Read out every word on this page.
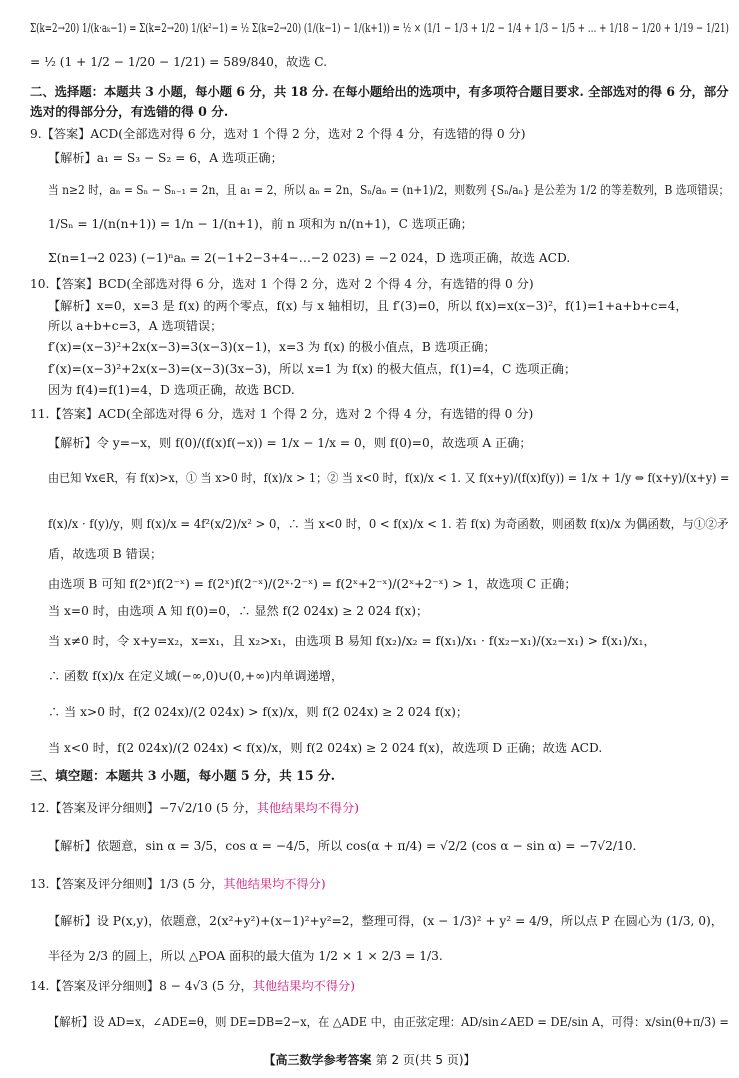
Σ(k=2→20) 1/(k·aₖ−1) = Σ(k=2→20) 1/(k²−1) = ½ Σ(k=2→20) (1/(k−1) − 1/(k+1)) = ½ × (1/1 − 1/3 + 1/2 − 1/4 + 1/3 − 1/5 + … + 1/18 − 1/20 + 1/19 − 1/21)
= ½ (1 + 1/2 − 1/20 − 1/21) = 589/840，故选 C.
二、选择题：本题共 3 小题，每小题 6 分，共 18 分. 在每小题给出的选项中，有多项符合题目要求. 全部选对的得 6 分，部分
选对的得部分分，有选错的得 0 分.
9.【答案】ACD(全部选对得 6 分，选对 1 个得 2 分，选对 2 个得 4 分，有选错的得 0 分)
【解析】a₁ = S₃ − S₂ = 6，A 选项正确；
当 n≥2 时，aₙ = Sₙ − Sₙ₋₁ = 2n，且 a₁ = 2，所以 aₙ = 2n，Sₙ/aₙ = (n+1)/2，则数列 {Sₙ/aₙ} 是公差为 1/2 的等差数列，B 选项错误；
1/Sₙ = 1/(n(n+1)) = 1/n − 1/(n+1)，前 n 项和为 n/(n+1)，C 选项正确；
Σ(n=1→2 023) (−1)ⁿaₙ = 2(−1+2−3+4−…−2 023) = −2 024，D 选项正确，故选 ACD.
10.【答案】BCD(全部选对得 6 分，选对 1 个得 2 分，选对 2 个得 4 分，有选错的得 0 分)
【解析】x=0，x=3 是 f(x) 的两个零点，f(x) 与 x 轴相切，且 f′(3)=0，所以 f(x)=x(x−3)²，f(1)=1+a+b+c=4，
所以 a+b+c=3，A 选项错误；
f′(x)=(x−3)²+2x(x−3)=3(x−3)(x−1)，x=3 为 f(x) 的极小值点，B 选项正确；
f′(x)=(x−3)²+2x(x−3)=(x−3)(3x−3)，所以 x=1 为 f(x) 的极大值点，f(1)=4，C 选项正确；
因为 f(4)=f(1)=4，D 选项正确，故选 BCD.
11.【答案】ACD(全部选对得 6 分，选对 1 个得 2 分，选对 2 个得 4 分，有选错的得 0 分)
【解析】令 y=−x，则 f(0)/(f(x)f(−x)) = 1/x − 1/x = 0，则 f(0)=0，故选项 A 正确；
由已知 ∀x∈R，有 f(x)>x，① 当 x>0 时，f(x)/x > 1；② 当 x<0 时，f(x)/x < 1. 又 f(x+y)/(f(x)f(y)) = 1/x + 1/y ⇔ f(x+y)/(x+y) =
f(x)/x · f(y)/y，则 f(x)/x = 4f²(x/2)/x² > 0，∴ 当 x<0 时，0 < f(x)/x < 1. 若 f(x) 为奇函数，则函数 f(x)/x 为偶函数，与①②矛
盾，故选项 B 错误；
由选项 B 可知 f(2ˣ)f(2⁻ˣ) = f(2ˣ)f(2⁻ˣ)/(2ˣ·2⁻ˣ) = f(2ˣ+2⁻ˣ)/(2ˣ+2⁻ˣ) > 1，故选项 C 正确；
当 x=0 时，由选项 A 知 f(0)=0，∴ 显然 f(2 024x) ≥ 2 024 f(x)；
当 x≠0 时，令 x+y=x₂，x=x₁，且 x₂>x₁，由选项 B 易知 f(x₂)/x₂ = f(x₁)/x₁ · f(x₂−x₁)/(x₂−x₁) > f(x₁)/x₁，
∴ 函数 f(x)/x 在定义域(−∞,0)∪(0,+∞)内单调递增，
∴ 当 x>0 时，f(2 024x)/(2 024x) > f(x)/x，则 f(2 024x) ≥ 2 024 f(x)；
当 x<0 时，f(2 024x)/(2 024x) < f(x)/x，则 f(2 024x) ≥ 2 024 f(x)，故选项 D 正确；故选 ACD.
三、填空题：本题共 3 小题，每小题 5 分，共 15 分.
12.【答案及评分细则】−7√2/10 (5 分，其他结果均不得分)
【解析】依题意，sin α = 3/5，cos α = −4/5，所以 cos(α + π/4) = √2/2 (cos α − sin α) = −7√2/10.
13.【答案及评分细则】1/3 (5 分，其他结果均不得分)
【解析】设 P(x,y)，依题意，2(x²+y²)+(x−1)²+y²=2，整理可得，(x − 1/3)² + y² = 4/9，所以点 P 在圆心为 (1/3, 0)，
半径为 2/3 的圆上，所以 △POA 面积的最大值为 1/2 × 1 × 2/3 = 1/3.
14.【答案及评分细则】8 − 4√3 (5 分，其他结果均不得分)
【解析】设 AD=x，∠ADE=θ，则 DE=DB=2−x，在 △ADE 中，由正弦定理：AD/sin∠AED = DE/sin A，可得：x/sin(θ+π/3) =
【高三数学参考答案 第 2 页(共 5 页)】
